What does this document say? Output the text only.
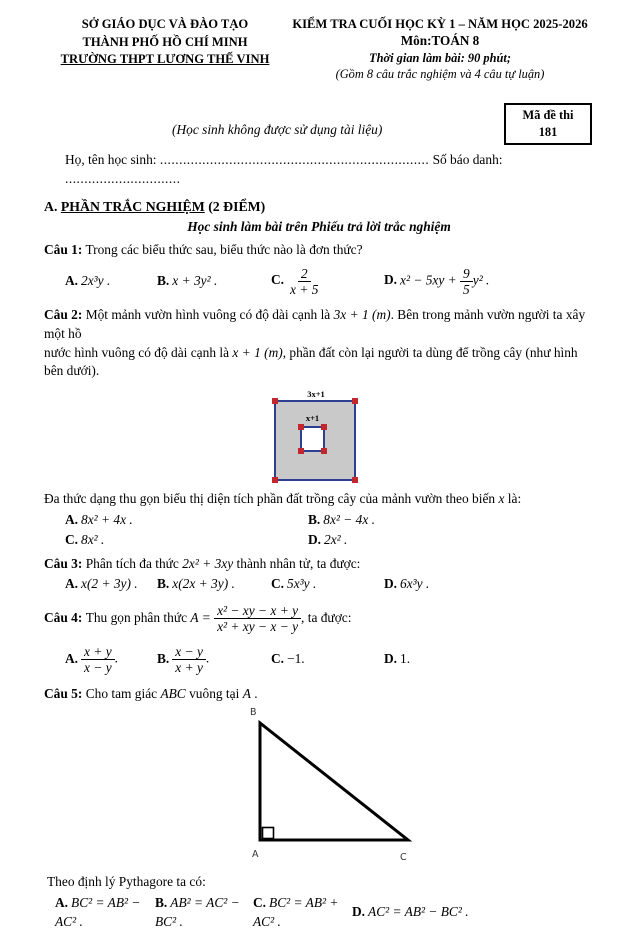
SỞ GIÁO DỤC VÀ ĐÀO TẠO
THÀNH PHỐ HỒ CHÍ MINH
TRƯỜNG THPT LƯƠNG THẾ VINH
KIỂM TRA CUỐI HỌC KỲ 1 – NĂM HỌC 2025-2026
Môn:TOÁN 8
Thời gian làm bài: 90 phút;
(Gồm 8 câu trắc nghiệm và 4 câu tự luận)
Mã đề thi
181
(Học sinh không được sử dụng tài liệu)
Họ, tên học sinh: ...................................................................... Số báo danh: ..............................
A. PHẦN TRẮC NGHIỆM (2 ĐIỂM)
Học sinh làm bài trên Phiếu trả lời trắc nghiệm
Câu 1: Trong các biểu thức sau, biểu thức nào là đơn thức?
A. 2x³y .	B. x + 3y² .	C. $\frac{2}{x + 5}$	D. $x^2 - 5xy + \frac{9}{5} y^2$ .
Câu 2: Một mảnh vườn hình vuông có độ dài cạnh là 3x + 1 (m). Bên trong mảnh vườn người ta xây một hồ
nước hình vuông có độ dài cạnh là x + 1 (m), phần đất còn lại người ta dùng để trồng cây (như hình bên dưới).
3x+1
x+1
Đa thức dạng thu gọn biểu thị diện tích phần đất trồng cây của mảnh vườn theo biến x là:
A. 8x² + 4x .	B. 8x² − 4x .
C. 8x² .	D. 2x² .
Câu 3: Phân tích đa thức 2x² + 3xy thành nhân tử, ta được:
A. x(2 + 3y) .	B. x(2x + 3y) .	C. 5x³y .	D. 6x³y .
Câu 4:
Thu gọn phân thức
A =
$\frac{\text{x² − xy − x + y}}{\text{x² + xy − x − y}}$ , ta được:
A. $\frac{x + y}{x - y}$ .	B. $\frac{x - y}{x + y}$ .	C. −1.	D. 1.
Câu 5: Cho tam giác ABC vuông tại A .
B
A	C
Theo định lý Pythagore ta có:
A. BC² = AB² − AC² .
B. AB² = AC² − BC² .
C. BC² = AB² + AC² .
D. AC² = AB² − BC² .
